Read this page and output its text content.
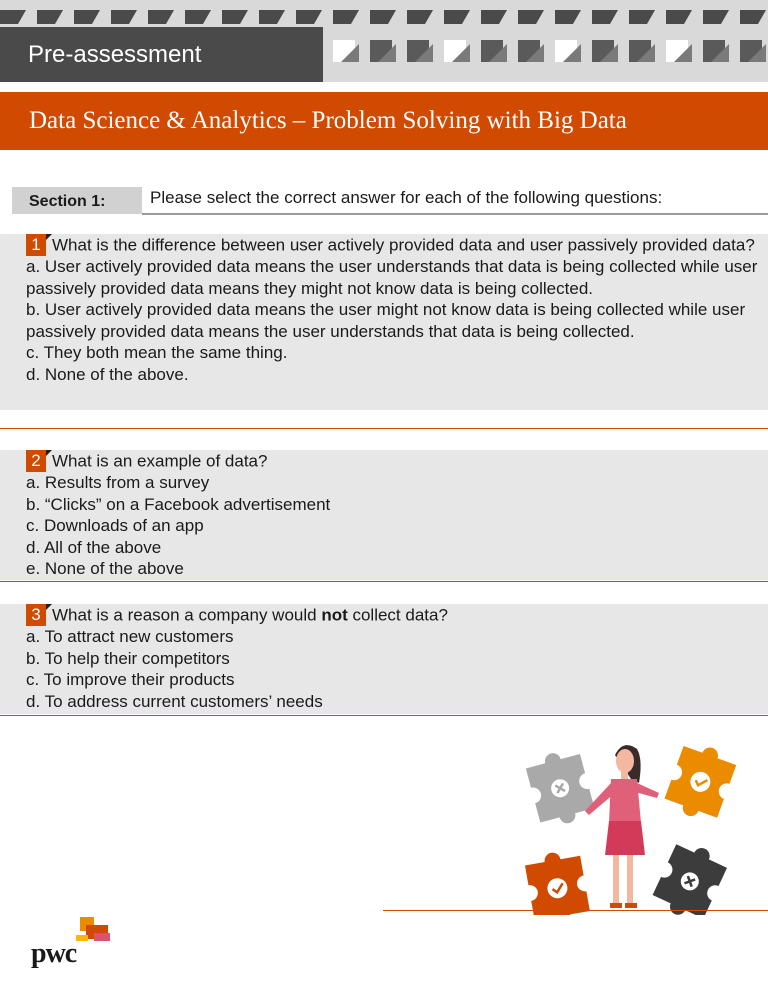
Pre-assessment
Data Science & Analytics – Problem Solving with Big Data
Section 1:	Please select the correct answer for each of the following questions:
1 What is the difference between user actively provided data and user passively provided data?
a. User actively provided data means the user understands that data is being collected while user passively provided data means they might not know data is being collected.
b. User actively provided data means the user might not know data is being collected while user passively provided data means the user understands that data is being collected.
c. They both mean the same thing.
d. None of the above.
2 What is an example of data?
a. Results from a survey
b. “Clicks” on a Facebook advertisement
c. Downloads of an app
d. All of the above
e. None of the above
3 What is a reason a company would not collect data?
a. To attract new customers
b. To help their competitors
c. To improve their products
d. To address current customers’ needs
pwc
